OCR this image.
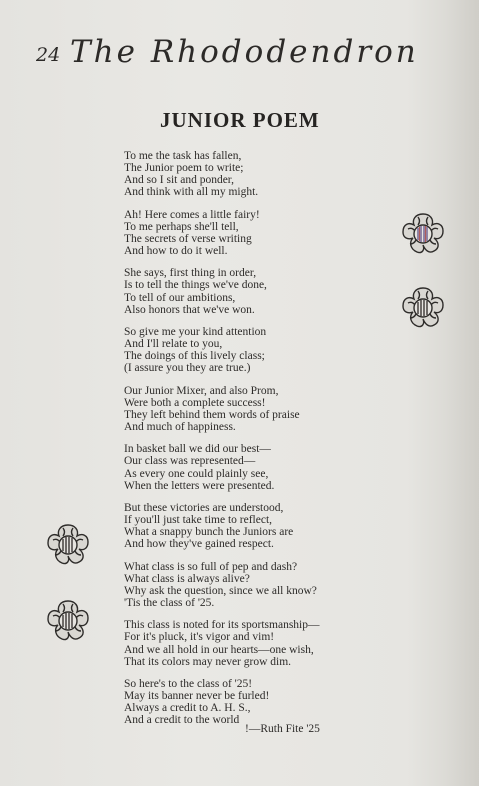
24 The Rhododendron
JUNIOR POEM
To me the task has fallen,
The Junior poem to write;
And so I sit and ponder,
And think with all my might.
Ah! Here comes a little fairy!
To me perhaps she'll tell,
The secrets of verse writing
And how to do it well.
She says, first thing in order,
Is to tell the things we've done,
To tell of our ambitions,
Also honors that we've won.
So give me your kind attention
And I'll relate to you,
The doings of this lively class;
(I assure you they are true.)
Our Junior Mixer, and also Prom,
Were both a complete success!
They left behind them words of praise
And much of happiness.
In basket ball we did our best—
Our class was represented—
As every one could plainly see,
When the letters were presented.
But these victories are understood,
If you'll just take time to reflect,
What a snappy bunch the Juniors are
And how they've gained respect.
What class is so full of pep and dash?
What class is always alive?
Why ask the question, since we all know?
'Tis the class of '25.
This class is noted for its sportsmanship—
For it's pluck, it's vigor and vim!
And we all hold in our hearts—one wish,
That its colors may never grow dim.
So here's to the class of '25!
May its banner never be furled!
Always a credit to A. H. S.,
And a credit to the world
!—Ruth Fite '25
